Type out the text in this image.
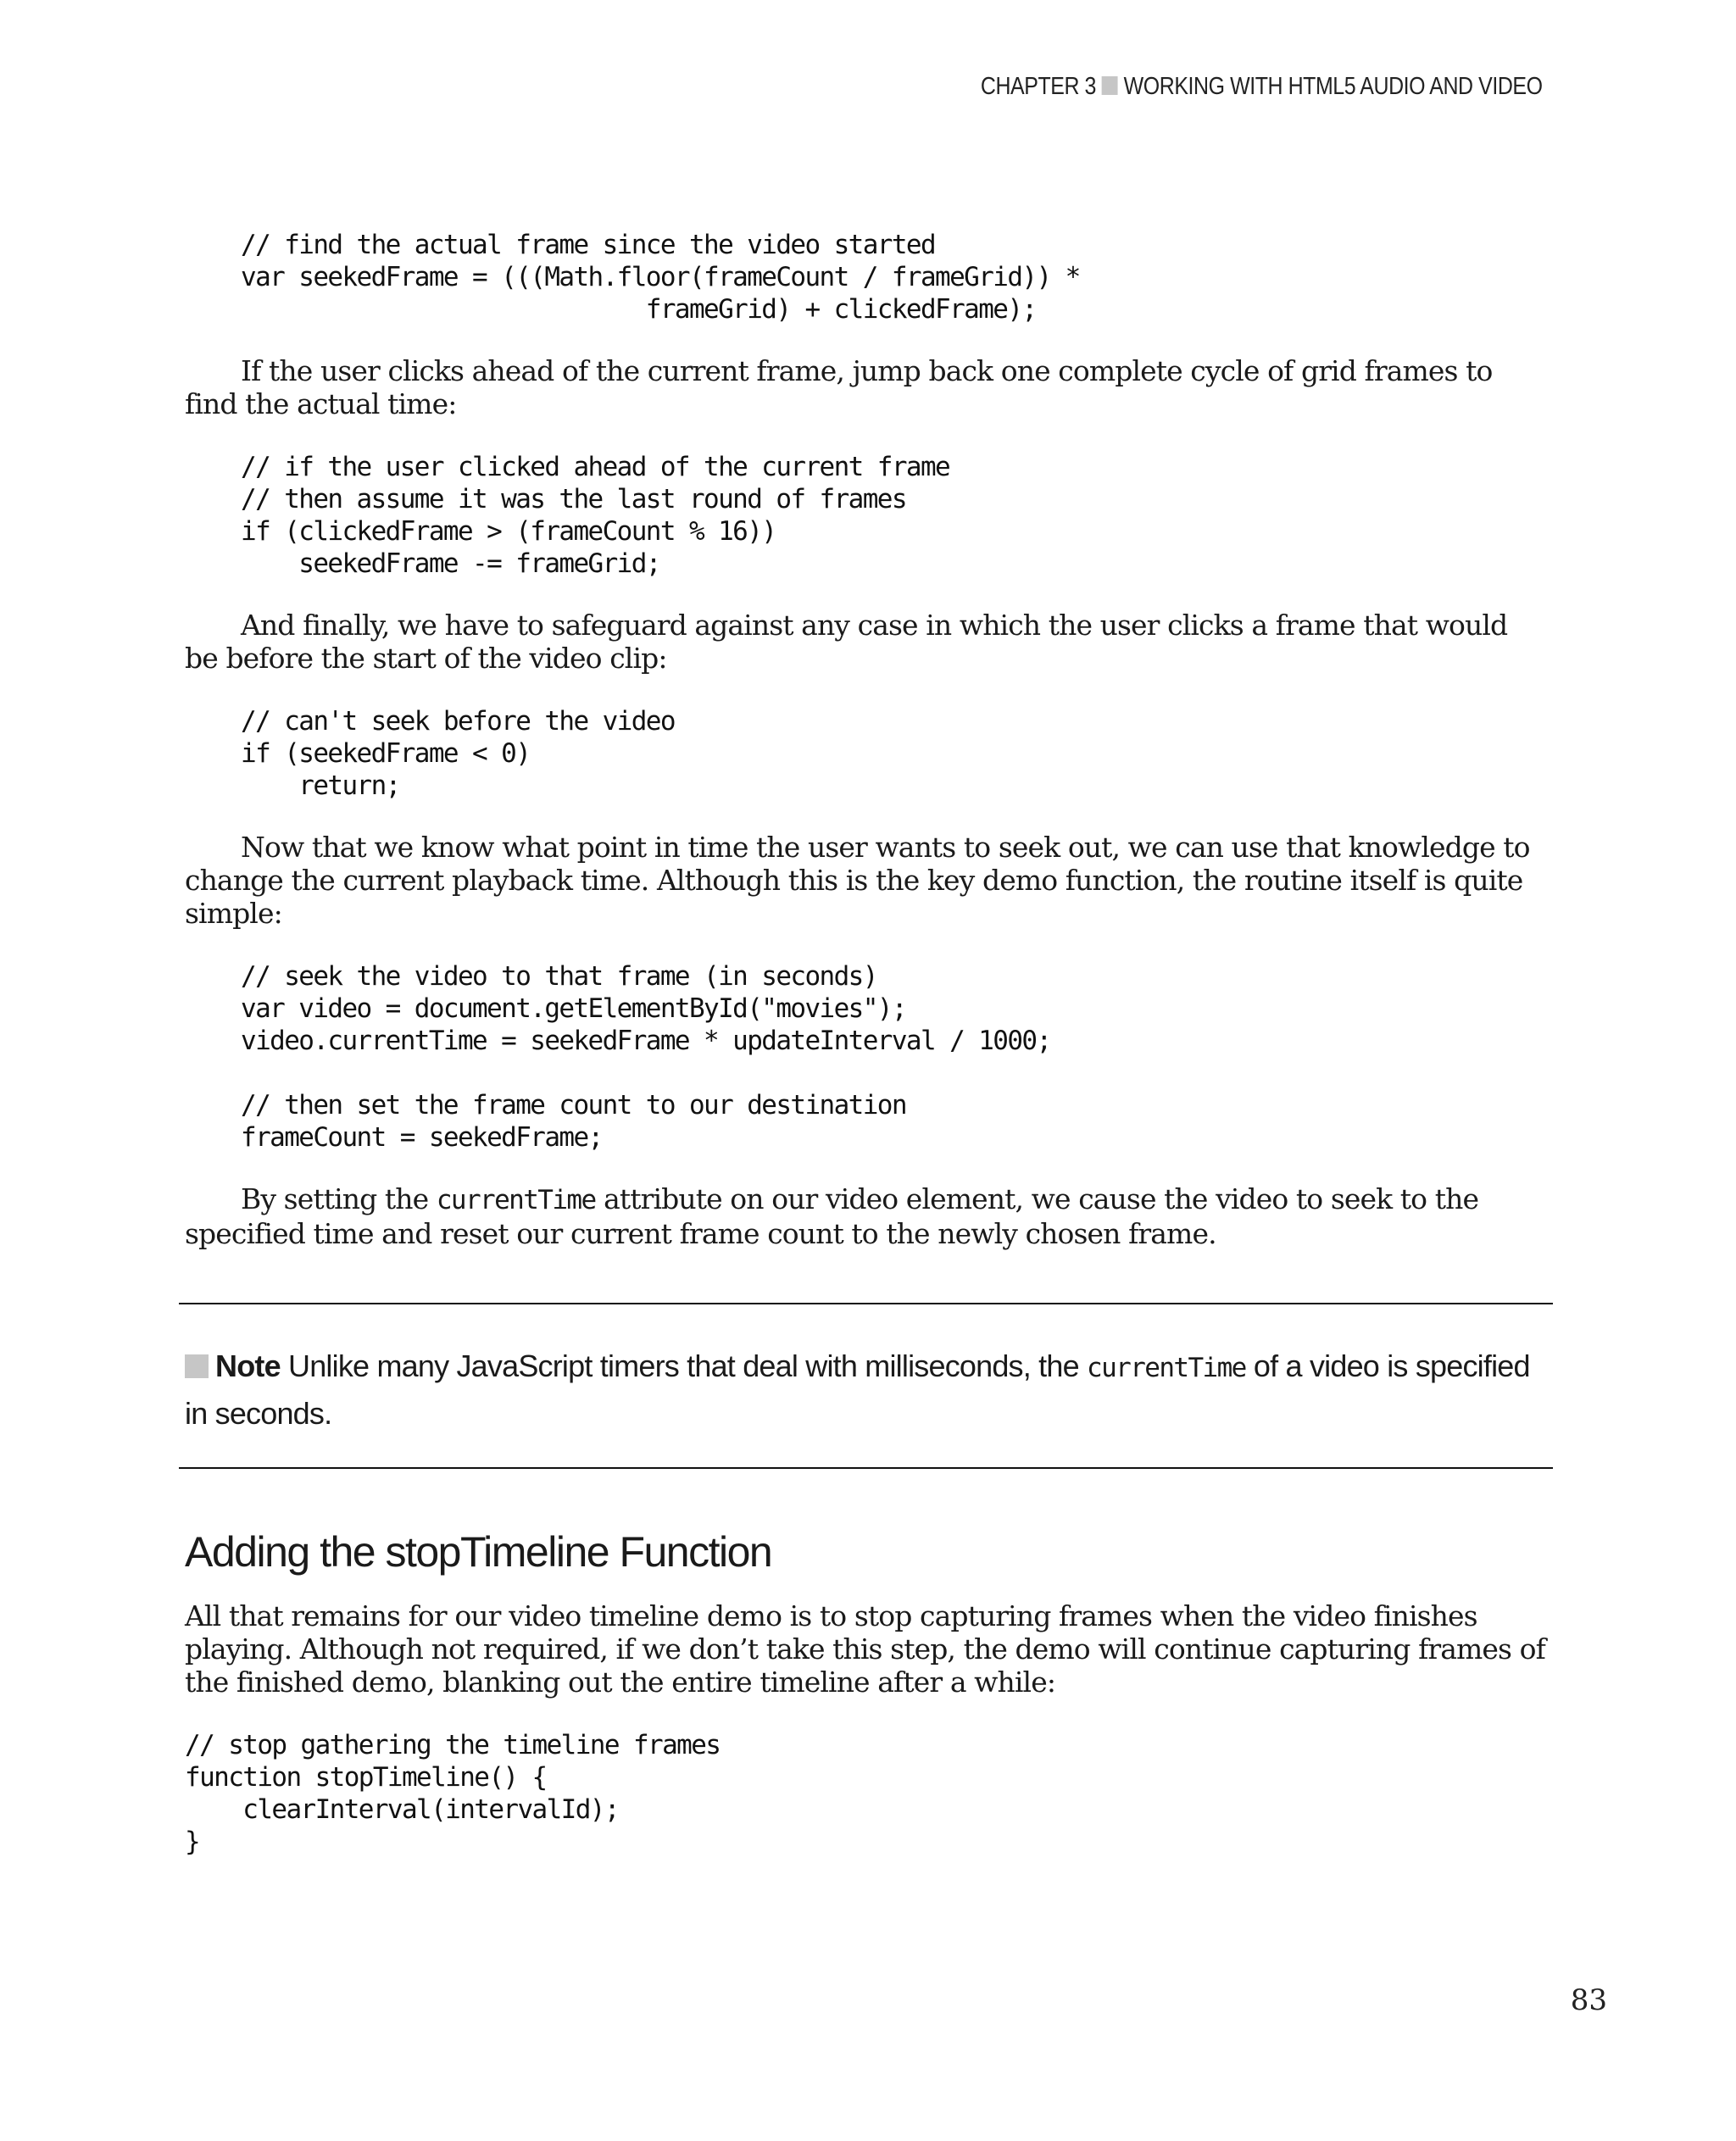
CHAPTER 3 WORKING WITH HTML5 AUDIO AND VIDEO
// find the actual frame since the video started
var seekedFrame = (((Math.floor(frameCount / frameGrid)) *
frameGrid) + clickedFrame);

If the user clicks ahead of the current frame, jump back one complete cycle of grid frames to find the actual time:

// if the user clicked ahead of the current frame
// then assume it was the last round of frames
if (clickedFrame > (frameCount % 16))
seekedFrame -= frameGrid;

And finally, we have to safeguard against any case in which the user clicks a frame that would be before the start of the video clip:

// can't seek before the video
if (seekedFrame < 0)
return;

Now that we know what point in time the user wants to seek out, we can use that knowledge to change the current playback time. Although this is the key demo function, the routine itself is quite simple:

// seek the video to that frame (in seconds)
var video = document.getElementById("movies");
video.currentTime = seekedFrame * updateInterval / 1000;

// then set the frame count to our destination
frameCount = seekedFrame;

By setting the currentTime attribute on our video element, we cause the video to seek to the specified time and reset our current frame count to the newly chosen frame.

Note Unlike many JavaScript timers that deal with milliseconds, the currentTime of a video is specified in seconds.

Adding the stopTimeline Function

All that remains for our video timeline demo is to stop capturing frames when the video finishes playing. Although not required, if we don’t take this step, the demo will continue capturing frames of the finished demo, blanking out the entire timeline after a while:

// stop gathering the timeline frames
function stopTimeline() {
clearInterval(intervalId);
}
83
